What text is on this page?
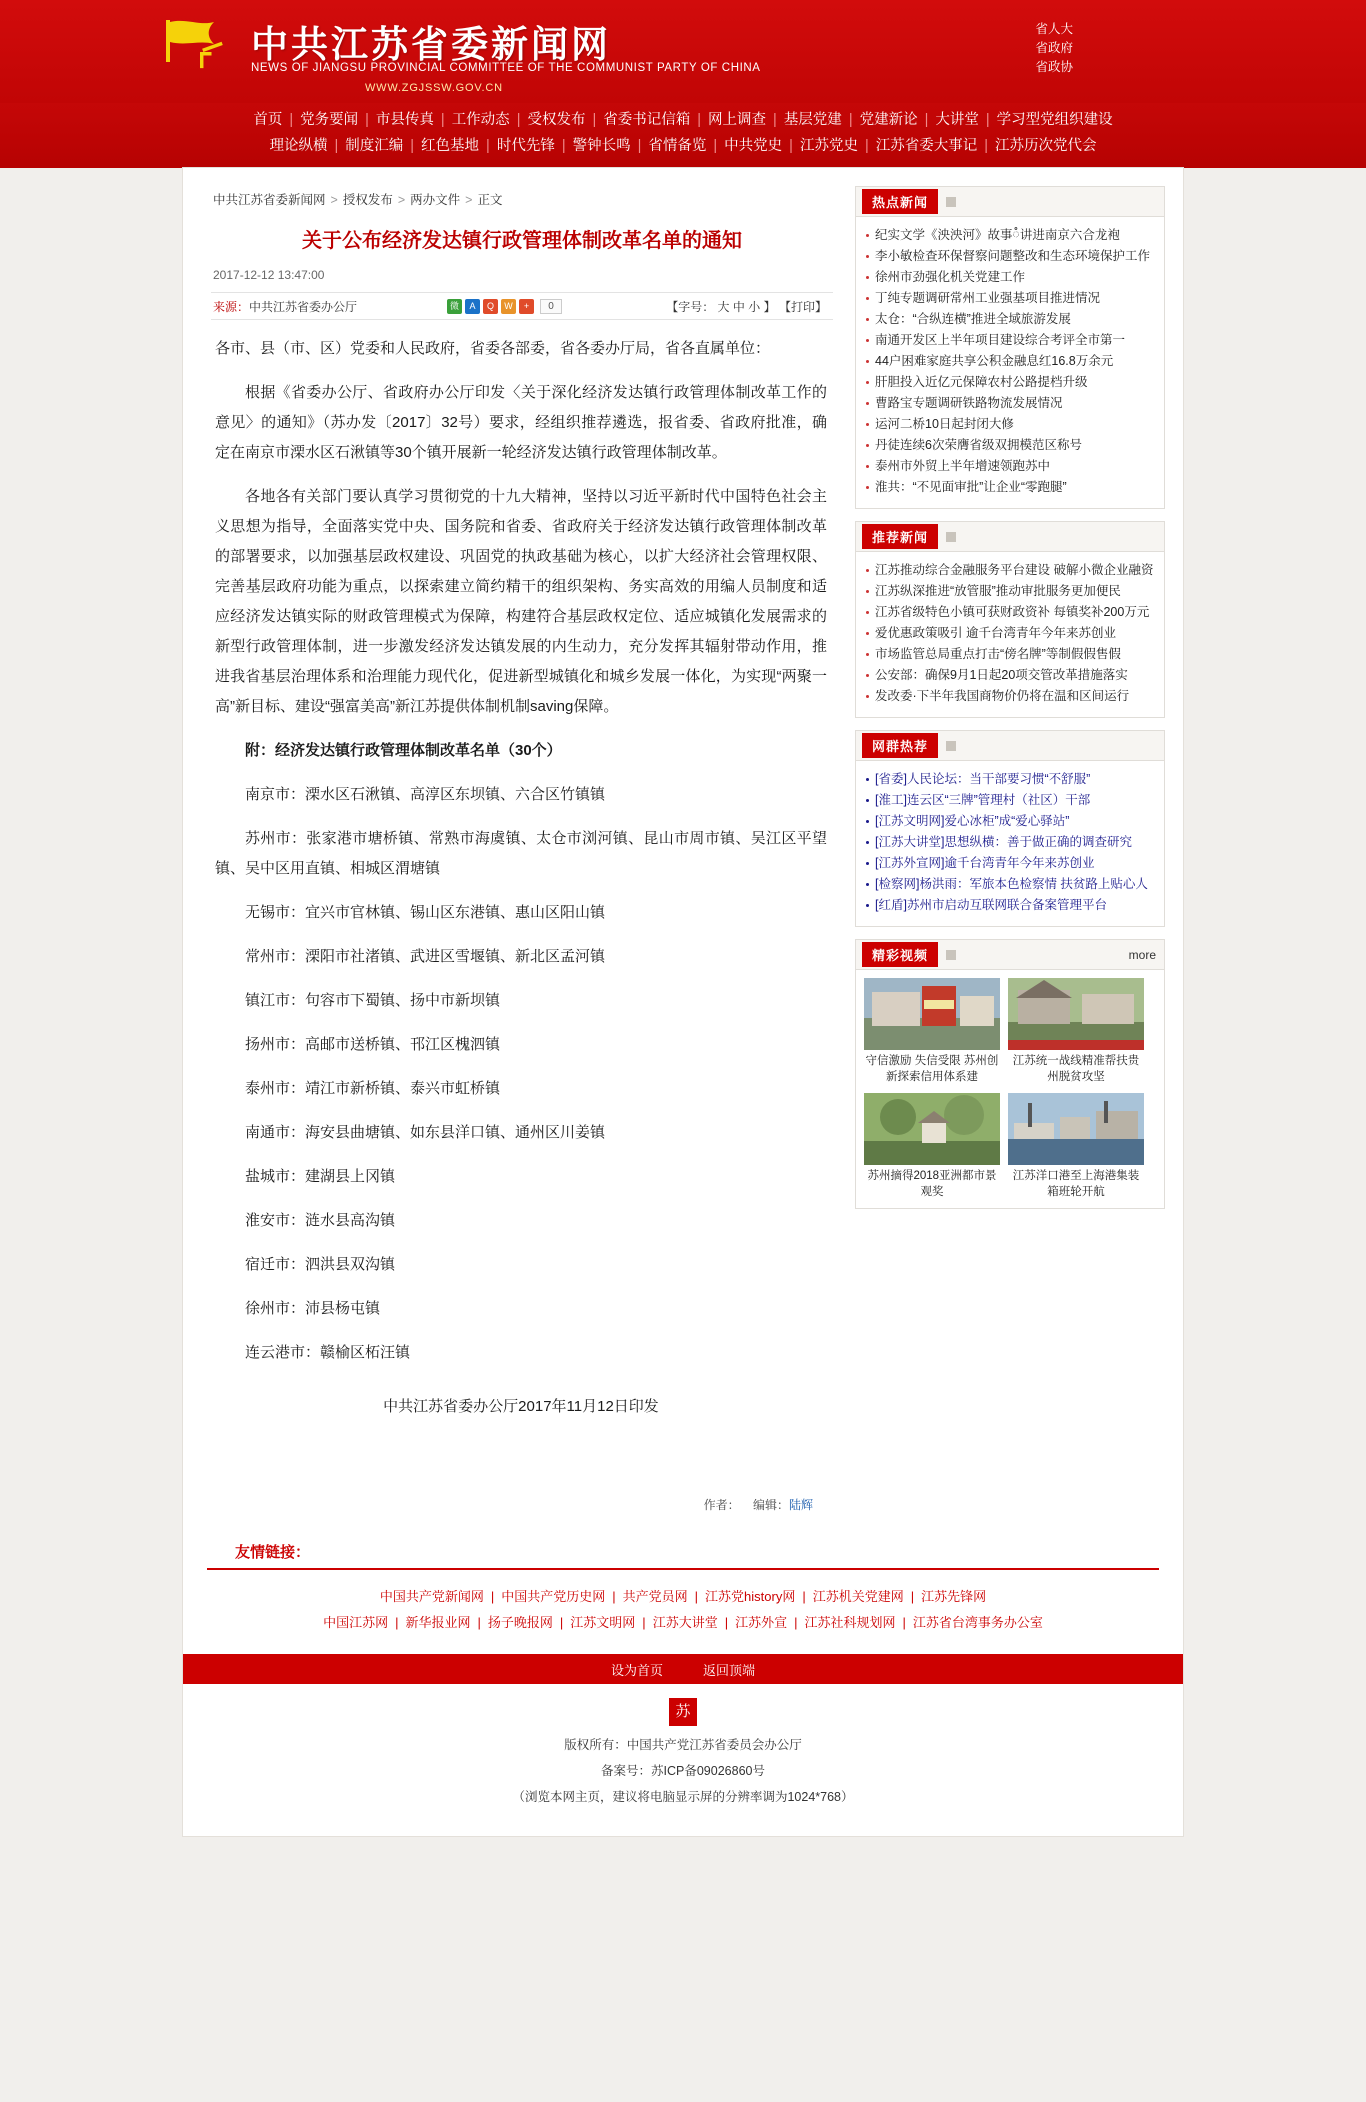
中共江苏省委新闻网
NEWS OF JIANGSU PROVINCIAL COMMITTEE OF THE COMMUNIST PARTY OF CHINA
WWW.ZGJSSW.GOV.CN
省人大
省政府
省政协
首页 | 党务要闻 | 市县传真 | 工作动态 | 受权发布 | 省委书记信箱 | 网上调查 | 基层党建 | 党建新论 | 大讲堂 | 学习型党组织建设
理论纵横 | 制度汇编 | 红色基地 | 时代先锋 | 警钟长鸣 | 省情备览 | 中共党史 | 江苏党史 | 江苏省委大事记 | 江苏历次党代会
中共江苏省委新闻网 > 授权发布 > 两办文件 > 正文
关于公布经济发达镇行政管理体制改革名单的通知
2017-12-12 13:47:00
来源： 中共江苏省委办公厅	微	A	Q	W	+	0	【字号： 大 中 小 】 【打印】

各市、县（市、区）党委和人民政府，省委各部委，省各委办厅局，省各直属单位：

根据《省委办公厅、省政府办公厅印发〈关于深化经济发达镇行政管理体制改革工作的意见〉的通知》（苏办发〔2017〕32号）要求，经组织推荐遴选，报省委、省政府批准，确定在南京市溧水区石湫镇等30个镇开展新一轮经济发达镇行政管理体制改革。

各地各有关部门要认真学习贯彻党的十九大精神，坚持以习近平新时代中国特色社会主义思想为指导，全面落实党中央、国务院和省委、省政府关于经济发达镇行政管理体制改革的部署要求，以加强基层政权建设、巩固党的执政基础为核心，以扩大经济社会管理权限、完善基层政府功能为重点，以探索建立简约精干的组织架构、务实高效的用编人员制度和适应经济发达镇实际的财政管理模式为保障，构建符合基层政权定位、适应城镇化发展需求的新型行政管理体制，进一步激发经济发达镇发展的内生动力，充分发挥其辐射带动作用，推进我省基层治理体系和治理能力现代化，促进新型城镇化和城乡发展一体化，为实现“两聚一高”新目标、建设“强富美高”新江苏提供体制机制saving保障。

附：经济发达镇行政管理体制改革名单（30个）

南京市：溧水区石湫镇、高淳区东坝镇、六合区竹镇镇

苏州市：张家港市塘桥镇、常熟市海虞镇、太仓市浏河镇、昆山市周市镇、吴江区平望镇、吴中区用直镇、相城区渭塘镇

无锡市：宜兴市官林镇、锡山区东港镇、惠山区阳山镇

常州市：溧阳市社渚镇、武进区雪堰镇、新北区孟河镇

镇江市：句容市下蜀镇、扬中市新坝镇

扬州市：高邮市送桥镇、邗江区槐泗镇

泰州市：靖江市新桥镇、泰兴市虹桥镇

南通市：海安县曲塘镇、如东县洋口镇、通州区川姜镇

盐城市：建湖县上冈镇

淮安市：涟水县高沟镇

宿迁市：泗洪县双沟镇

徐州市：沛县杨屯镇

连云港市：赣榆区柘汪镇

中共江苏省委办公厅2017年11月12日印发

作者： 编辑：陆辉
热点新闻
纪实文学《泱泱河》故事ំ讲进南京六合龙袍
李小敏检查环保督察问题整改和生态环境保护工作
徐州市劲强化机关党建工作
丁纯专题调研常州工业强基项目推进情况
太仓：“合纵连横”推进全域旅游发展
南通开发区上半年项目建设综合考评全市第一
44户困难家庭共享公积金融息红16.8万余元
肝胆投入近亿元保障农村公路提档升级
曹路宝专题调研铁路物流发展情况
运河二桥10日起封闭大修
丹徒连续6次荣膺省级双拥模范区称号
泰州市外贸上半年增速领跑苏中
淮共：“不见面审批”让企业“零跑腿”
推荐新闻
江苏推动综合金融服务平台建设 破解小微企业融资
江苏纵深推进“放管服”推动审批服务更加便民
江苏省级特色小镇可获财政资补 每镇奖补200万元
爱优惠政策吸引 逾千台湾青年今年来苏创业
市场监管总局重点打击“傍名牌”等制假假售假
公安部：确保9月1日起20项交管改革措施落实
发改委·下半年我国商物价仍将在温和区间运行
网群热荐
[省委]人民论坛：当干部要习惯“不舒服”
[淮工]连云区“三牌”管理村（社区）干部
[江苏文明网]爱心冰柜”成“爱心驿站”
[江苏大讲堂]思想纵横：善于做正确的调查研究
[江苏外宣网]逾千台湾青年今年来苏创业
[检察网]杨洪雨：军旅本色检察情 扶贫路上贴心人
[红盾]苏州市启动互联网联合备案管理平台
精彩视频	more
守信激励 失信受限 苏州创新探索信用体系建
江苏统一战线精准帮扶贵州脱贫攻坚
苏州摘得2018亚洲都市景观奖
江苏洋口港至上海港集装箱班轮开航
友情链接：
中国共产党新闻网 | 中国共产党历史网 | 共产党员网 | 江苏党history网 | 江苏机关党建网 | 江苏先锋网
中国江苏网 | 新华报业网 | 扬子晚报网 | 江苏文明网 | 江苏大讲堂 | 江苏外宣 | 江苏社科规划网 | 江苏省台湾事务办公室
设为首页	返回顶端
苏
版权所有：中国共产党江苏省委员会办公厅
备案号：苏ICP备09026860号
（浏览本网主页，建议将电脑显示屏的分辨率调为1024*768）
